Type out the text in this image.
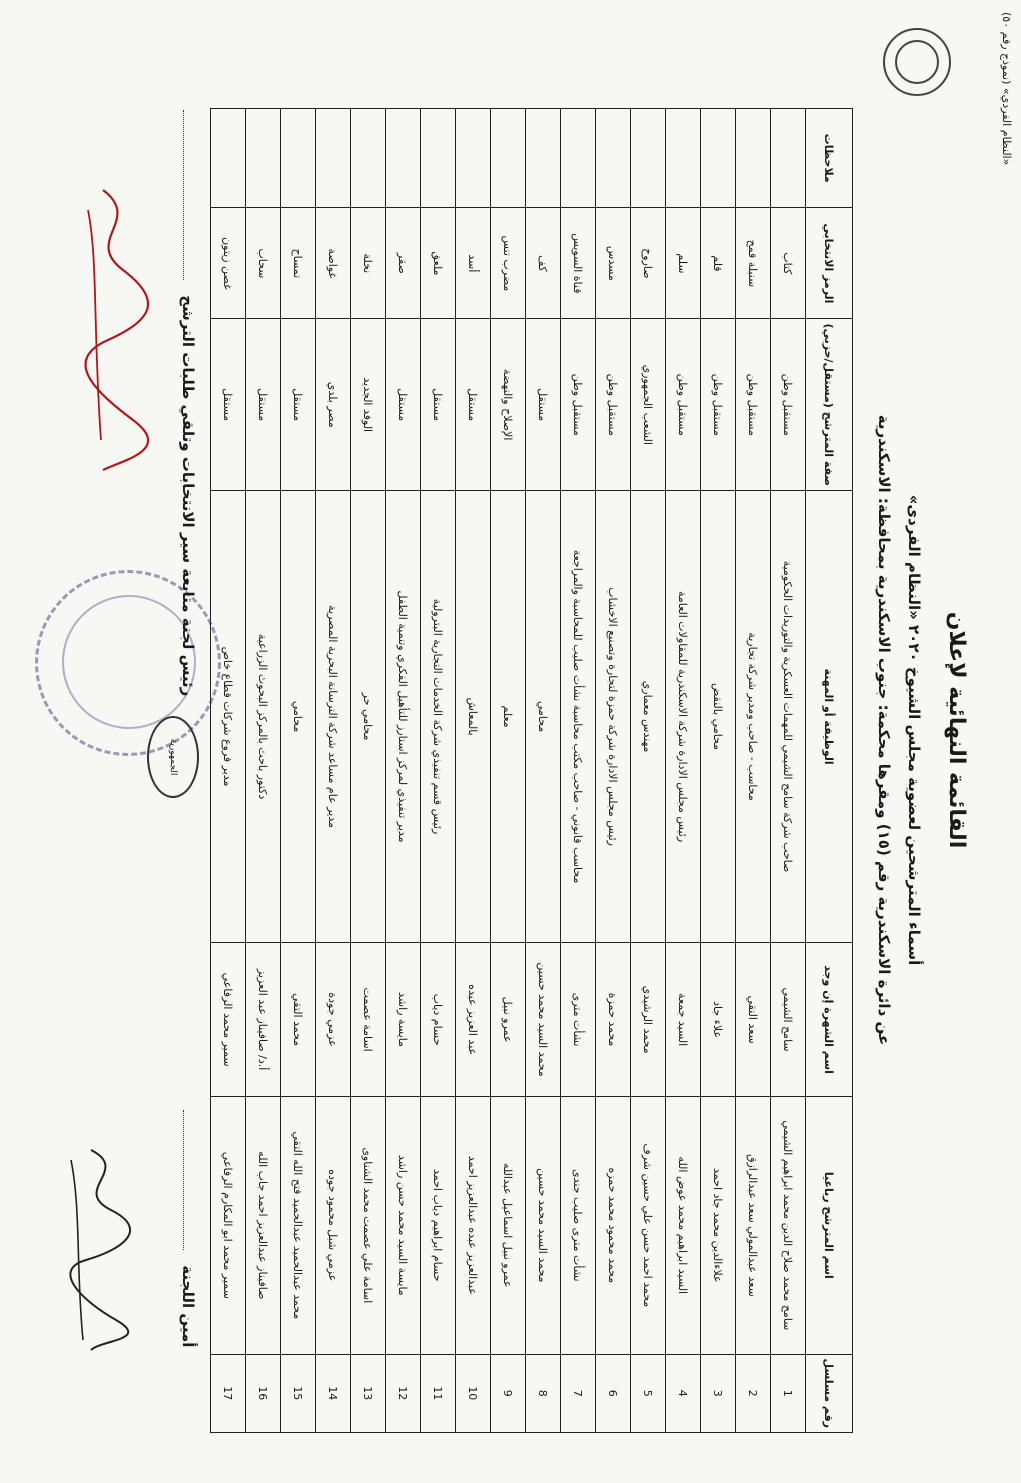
(نموذج رقم ٥٠) «النظام الفردي»
القائمة النهائية لإعلان
أسماء المترشحين لعضوية مجلس الشيوخ ٢٠٢٠ «النظام الفردى»
عن دائرة الاسكندرية رقم (١٥) ومقرها محكمة: جنوب الاسكندرية بمحافظة: الاسكندرية
رقم مسلسل	اسم المترشح رباعيا	اسم الشهرة إن وجد	الوظيفة أو المهنة	صفة المترشح (مستقل/حزبي)	الرمز الانتخابي	ملاحظات
1	سامح محمد صلاح الدين محمد ابراهيم الشيمي	سامح الشيمي	صاحب شركة سامح الشيمي للمهمات العسكرية والتوريدات الحكومية	مستقبل وطن	كتاب	
2	سعد عبدالمولي سعد عبدالرازق	سعد التقي	محاسب - صاحب ومدير شركة تجارية	مستقبل وطن	سنبلة قمح	
3	علاءالدين محمد جاد احمد	علاء جاد	محامي بالنقض	مستقبل وطن	قلم	
4	السيد ابراهيم محمد عوض الله	السيد جمعة	رئيس مجلس الادارة شركة الاسكندرية للمقاولات العامة	مستقبل وطن	سلم	
5	محمد احمد حسن علي حسين شرف	محمد الرشيدي	مهندس معماري	الشعب الجمهوري	صاروخ	
6	محمد محمود محمد حمزه	محمد حمزة	رئيس مجلس الادارة شركة حمزة لتجارة وتصنيع الاخشاب	مستقبل وطن	مسدس	
7	نشأت مترى صليب جندى	نشأت مترى	محاسب قانوني - صاحب مكتب محاسبة نشأت صليب للمحاسبة والمراجعة	مستقبل وطن	قناة السويس	
8	محمد السيد محمد حسين	محمد السيد محمد حسين	محامي	مستقل	كف	
9	عمرو نبيل اسماعيل عبدالله	عمرو نبيل	معلم	الإصلاح والنهضة	مضرب تنس	
10	عبدالعزيز عبده عبدالعزيز احمد	عبد العزيز عبده	بالمعاش	مستقل	أسد	
11	حسام ابراهيم دياب احمد	حسام دياب	رئيس قسم تنفيذي شركة الخدمات التجارية البترولية	مستقل	ملعق	
12	مايسة السيد محمد حسن راشد	مايسة راشد	مدير تنفيذي لمركز استارز للتأهيل الفكري وتنمية الطفل	مستقل	صقر	
13	اسامة علي عصمت محمد الشناوى	اسامة عصمت	محامي حر	الوفد الجديد	نخلة	
14	عزمي شبل محمود جوده	عزمي جودة	مدير عام مساعد شركة الترسانة البحرية المصرية	مصر بلدي	غواصة	
15	محمد عبدالحميد عبدالحميد فتح الله التقي	محمد التقي	محامي	مستقل	تمساح	
16	صافيناز عبدالعزيز احمد جاب الله	أ.د/ صافيناز عبد العزيز	دكتور باحث بالمركز البحوث الزراعية	مستقل	سحاب	
17	سمير محمد ابو المكارم الرفاعي	سمير محمد الرفاعي	مدير فروع شركات قطاع خاص	مستقل	غصن زيتون	
الجمهورية
رئيس لجنة متابعة سير الانتخابات وتلقي طلبات الترشح
أمين اللجنة
